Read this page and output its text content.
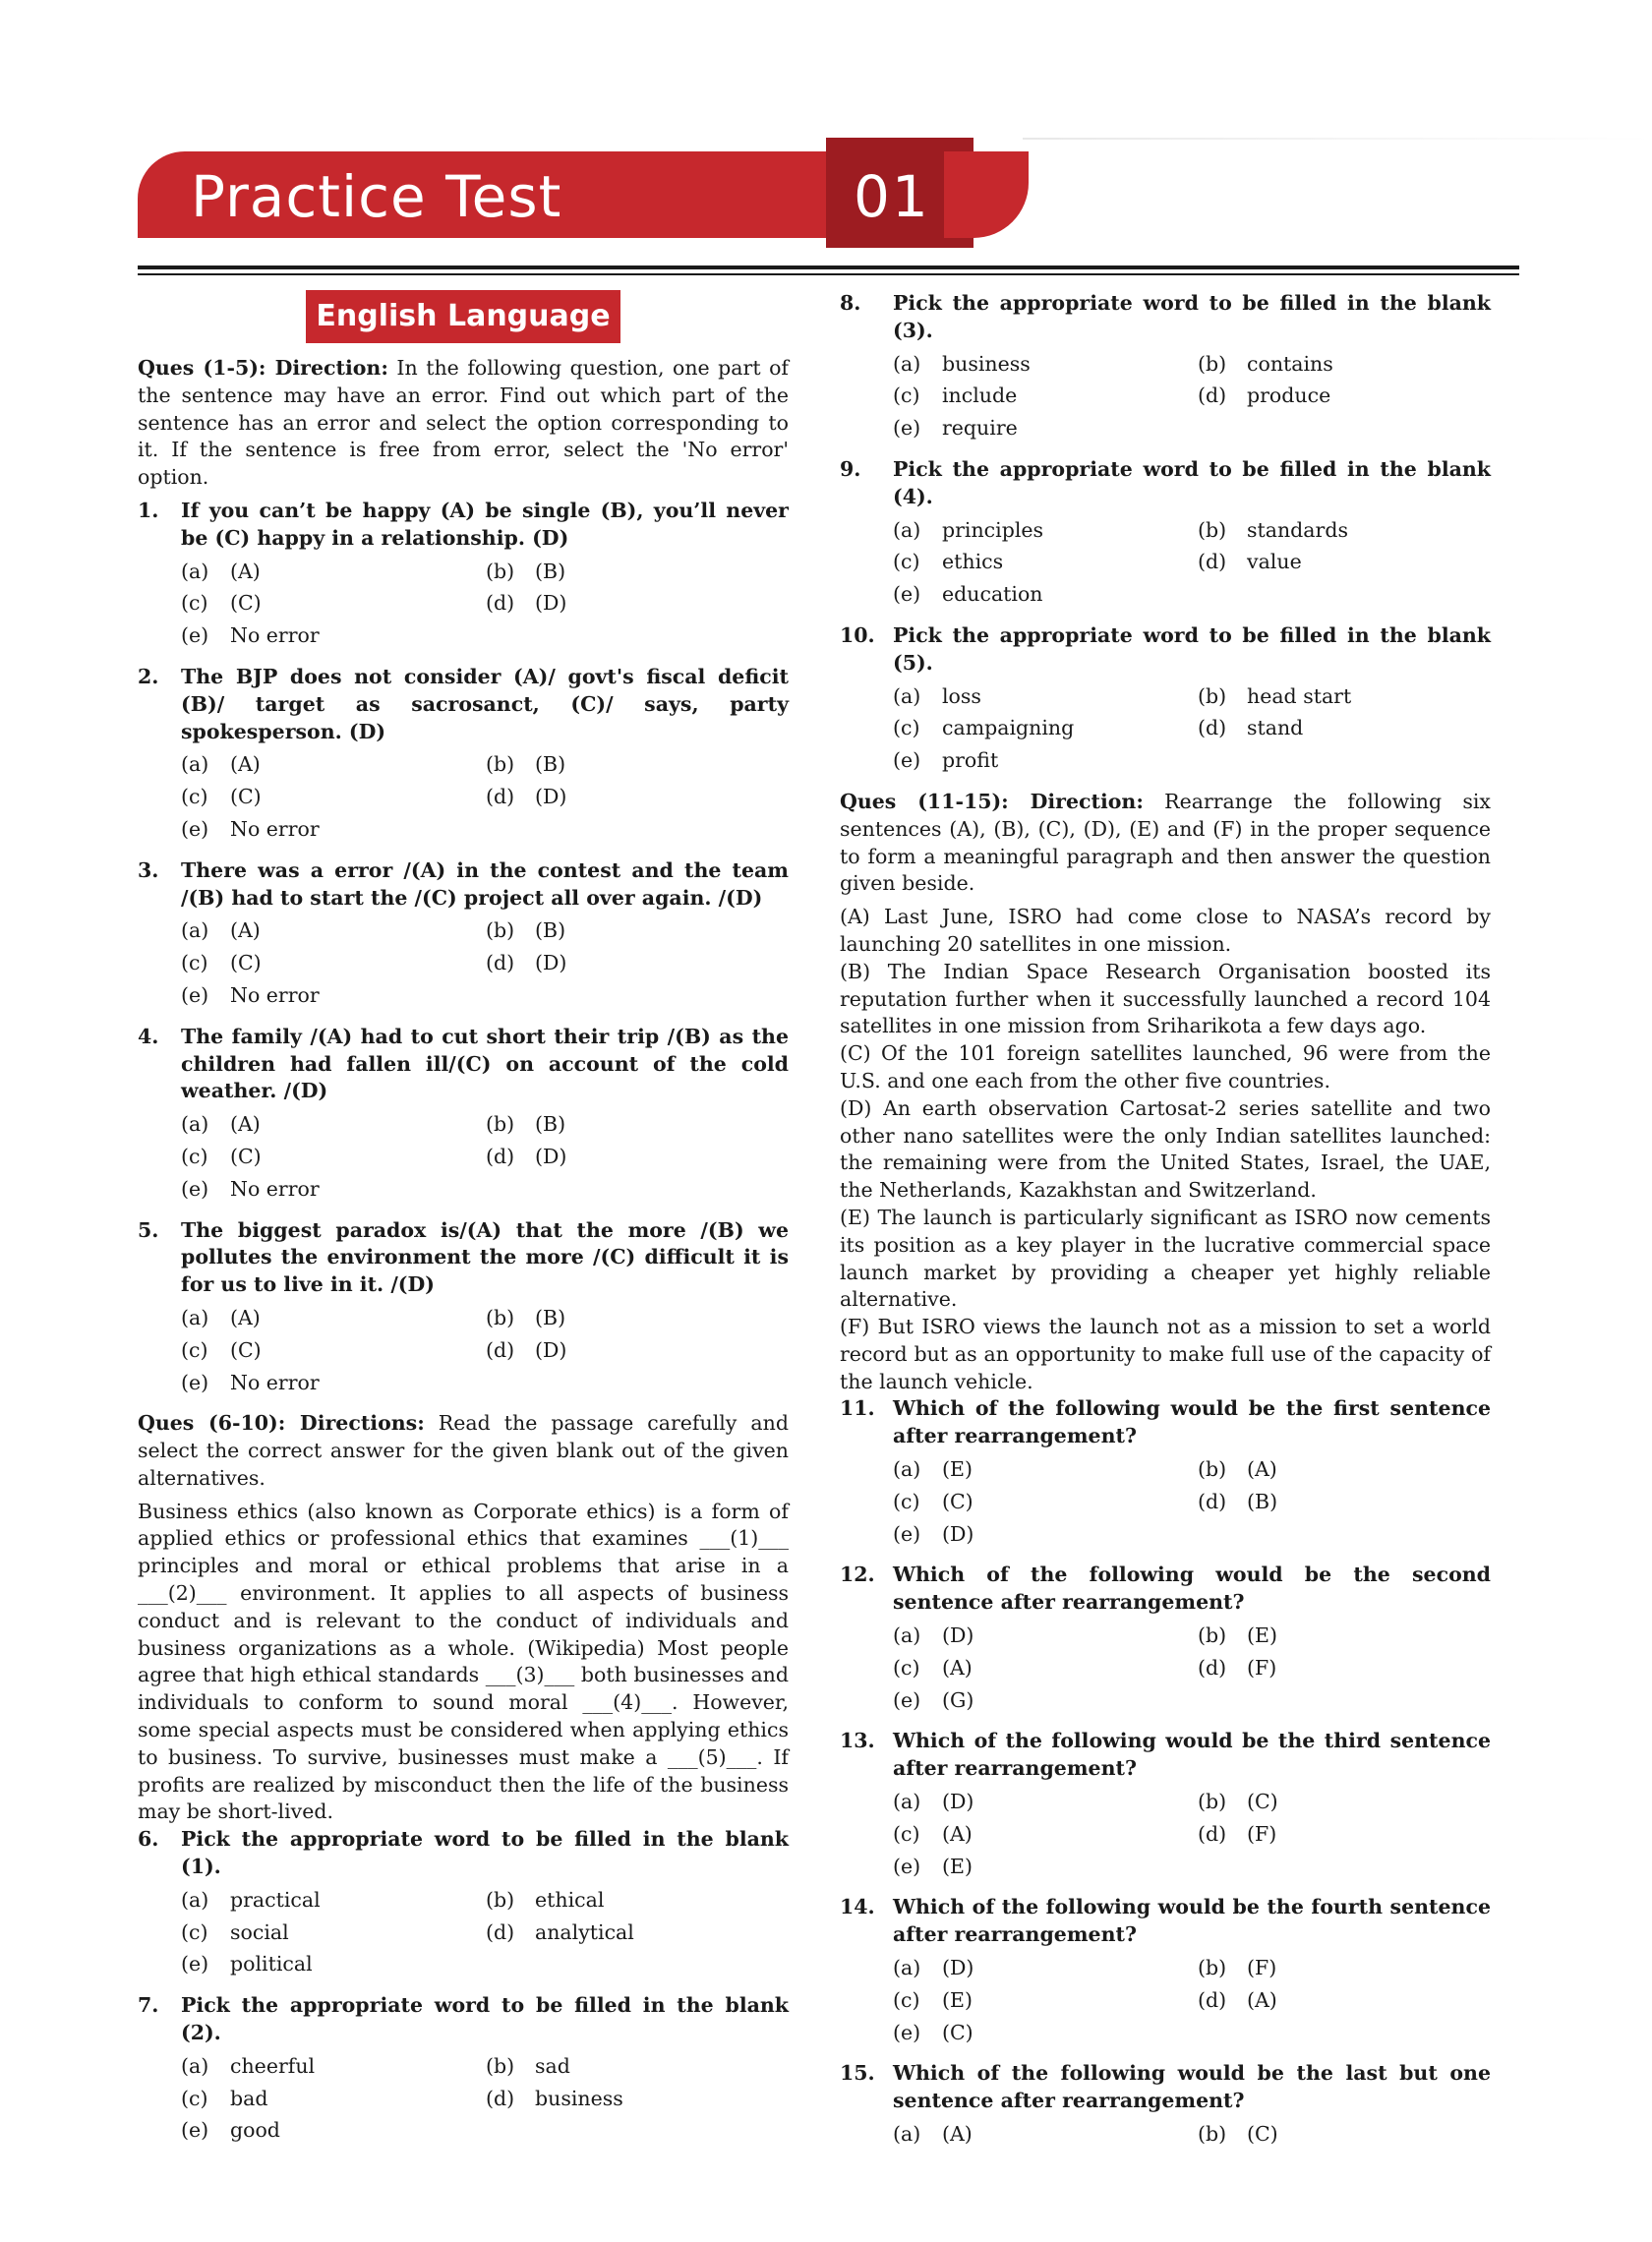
Practice Test	01
English Language

Ques (1-5): Direction: In the following question, one part of the sentence may have an error. Find out which part of the sentence has an error and select the option corresponding to it. If the sentence is free from error, select the 'No error' option.

1.	If you can’t be happy (A) be single (B), you’ll never be (C) happy in a relationship. (D)
(a)	(A)	(b)	(B)
(c)	(C)	(d)	(D)
(e)	No error
2.	The BJP does not consider (A)/ govt's fiscal deficit (B)/ target as sacrosanct, (C)/ says, party spokesperson. (D)
(a)	(A)	(b)	(B)
(c)	(C)	(d)	(D)
(e)	No error
3.	There was a error /(A) in the contest and the team /(B) had to start the /(C) project all over again. /(D)
(a)	(A)	(b)	(B)
(c)	(C)	(d)	(D)
(e)	No error
4.	The family /(A) had to cut short their trip /(B) as the children had fallen ill/(C) on account of the cold weather. /(D)
(a)	(A)	(b)	(B)
(c)	(C)	(d)	(D)
(e)	No error
5.	The biggest paradox is/(A) that the more /(B) we pollutes the environment the more /(C) difficult it is for us to live in it. /(D)
(a)	(A)	(b)	(B)
(c)	(C)	(d)	(D)
(e)	No error

Ques (6-10): Directions: Read the passage carefully and select the correct answer for the given blank out of the given alternatives.

Business ethics (also known as Corporate ethics) is a form of applied ethics or professional ethics that examines ___(1)___ principles and moral or ethical problems that arise in a ___(2)___ environment. It applies to all aspects of business conduct and is relevant to the conduct of individuals and business organizations as a whole. (Wikipedia) Most people agree that high ethical standards ___(3)___ both businesses and individuals to conform to sound moral ___(4)___. However, some special aspects must be considered when applying ethics to business. To survive, businesses must make a ___(5)___. If profits are realized by misconduct then the life of the business may be short-lived.

6.	Pick the appropriate word to be filled in the blank (1).
(a)	practical	(b)	ethical
(c)	social	(d)	analytical
(e)	political
7.	Pick the appropriate word to be filled in the blank (2).
(a)	cheerful	(b)	sad
(c)	bad	(d)	business
(e)	good
8.	Pick the appropriate word to be filled in the blank (3).
(a)	business	(b)	contains
(c)	include	(d)	produce
(e)	require
9.	Pick the appropriate word to be filled in the blank (4).
(a)	principles	(b)	standards
(c)	ethics	(d)	value
(e)	education
10. Pick the appropriate word to be filled in the blank (5).
(a)	loss	(b)	head start
(c)	campaigning	(d)	stand
(e)	profit

Ques (11-15): Direction: Rearrange the following six sentences (A), (B), (C), (D), (E) and (F) in the proper sequence to form a meaningful paragraph and then answer the question given beside.

(A) Last June, ISRO had come close to NASA’s record by launching 20 satellites in one mission.

(B) The Indian Space Research Organisation boosted its reputation further when it successfully launched a record 104 satellites in one mission from Sriharikota a few days ago.

(C) Of the 101 foreign satellites launched, 96 were from the U.S. and one each from the other five countries.

(D) An earth observation Cartosat-2 series satellite and two other nano satellites were the only Indian satellites launched: the remaining were from the United States, Israel, the UAE, the Netherlands, Kazakhstan and Switzerland.

(E) The launch is particularly significant as ISRO now cements its position as a key player in the lucrative commercial space launch market by providing a cheaper yet highly reliable alternative.

(F) But ISRO views the launch not as a mission to set a world record but as an opportunity to make full use of the capacity of the launch vehicle.

11. Which of the following would be the first sentence after rearrangement?
(a)	(E)	(b)	(A)
(c)	(C)	(d)	(B)
(e)	(D)
12. Which of the following would be the second sentence after rearrangement?
(a)	(D)	(b)	(E)
(c)	(A)	(d)	(F)
(e)	(G)
13. Which of the following would be the third sentence after rearrangement?
(a)	(D)	(b)	(C)
(c)	(A)	(d)	(F)
(e)	(E)
14. Which of the following would be the fourth sentence after rearrangement?
(a)	(D)	(b)	(F)
(c)	(E)	(d)	(A)
(e)	(C)
15. Which of the following would be the last but one sentence after rearrangement?
(a)	(A)	(b)	(C)
